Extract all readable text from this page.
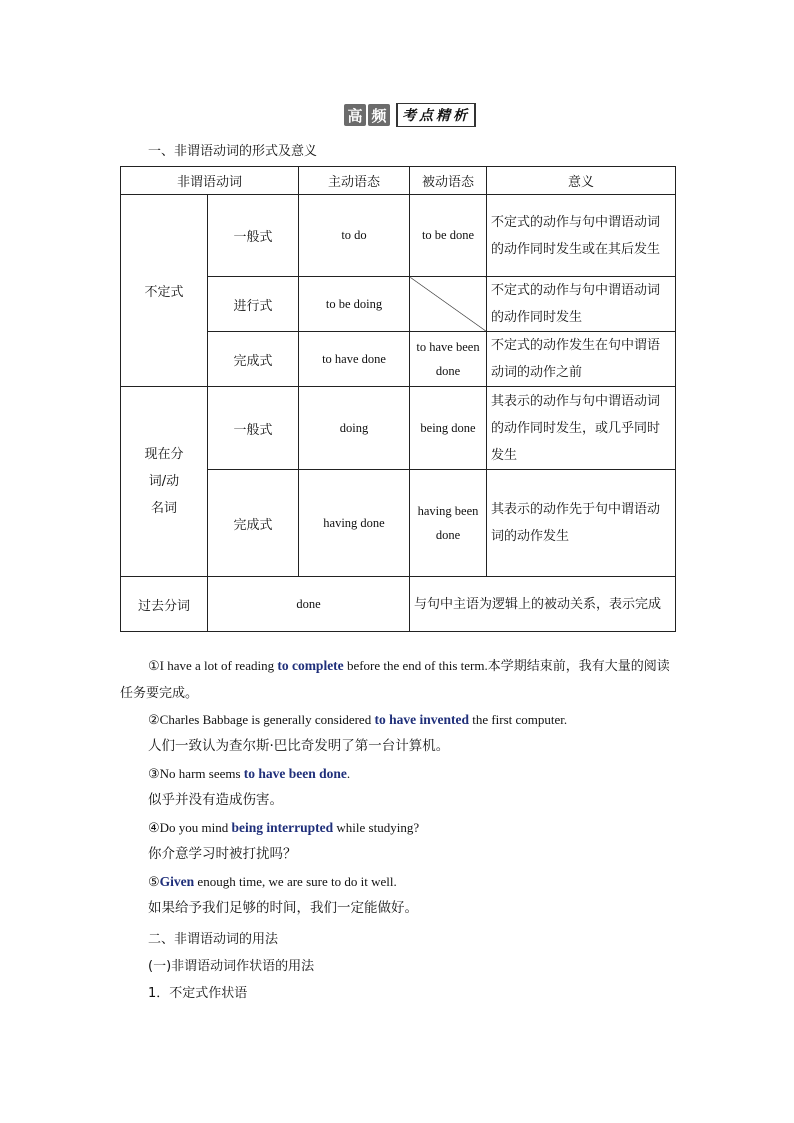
高 频 考点精析
一、非谓语动词的形式及意义
非谓语动词		主动语态	被动语态	意义
不定式	一般式	to do	to be done	不定式的动作与句中谓语动词的动作同时发生或在其后发生
	进行式	to be doing		不定式的动作与句中谓语动词的动作同时发生
	完成式	to have done	to have been done	不定式的动作发生在句中谓语动词的动作之前
现在分
词/动
名词	一般式	doing	being done	其表示的动作与句中谓语动词的动作同时发生，或几乎同时发生
	完成式	having done	having been done	其表示的动作先于句中谓语动词的动作发生
过去分词	done		与句中主语为逻辑上的被动关系，表示完成	
①I have a lot of reading to complete before the end of this term.本学期结束前，我有大量的阅读任务要完成。
②Charles Babbage is generally considered to have invented the first computer.
人们一致认为查尔斯·巴比奇发明了第一台计算机。
③No harm seems to have been done.
似乎并没有造成伤害。
④Do you mind being interrupted while studying?
你介意学习时被打扰吗？
⑤Given enough time, we are sure to do it well.
如果给予我们足够的时间，我们一定能做好。
二、非谓语动词的用法
(一)非谓语动词作状语的用法
1．不定式作状语
